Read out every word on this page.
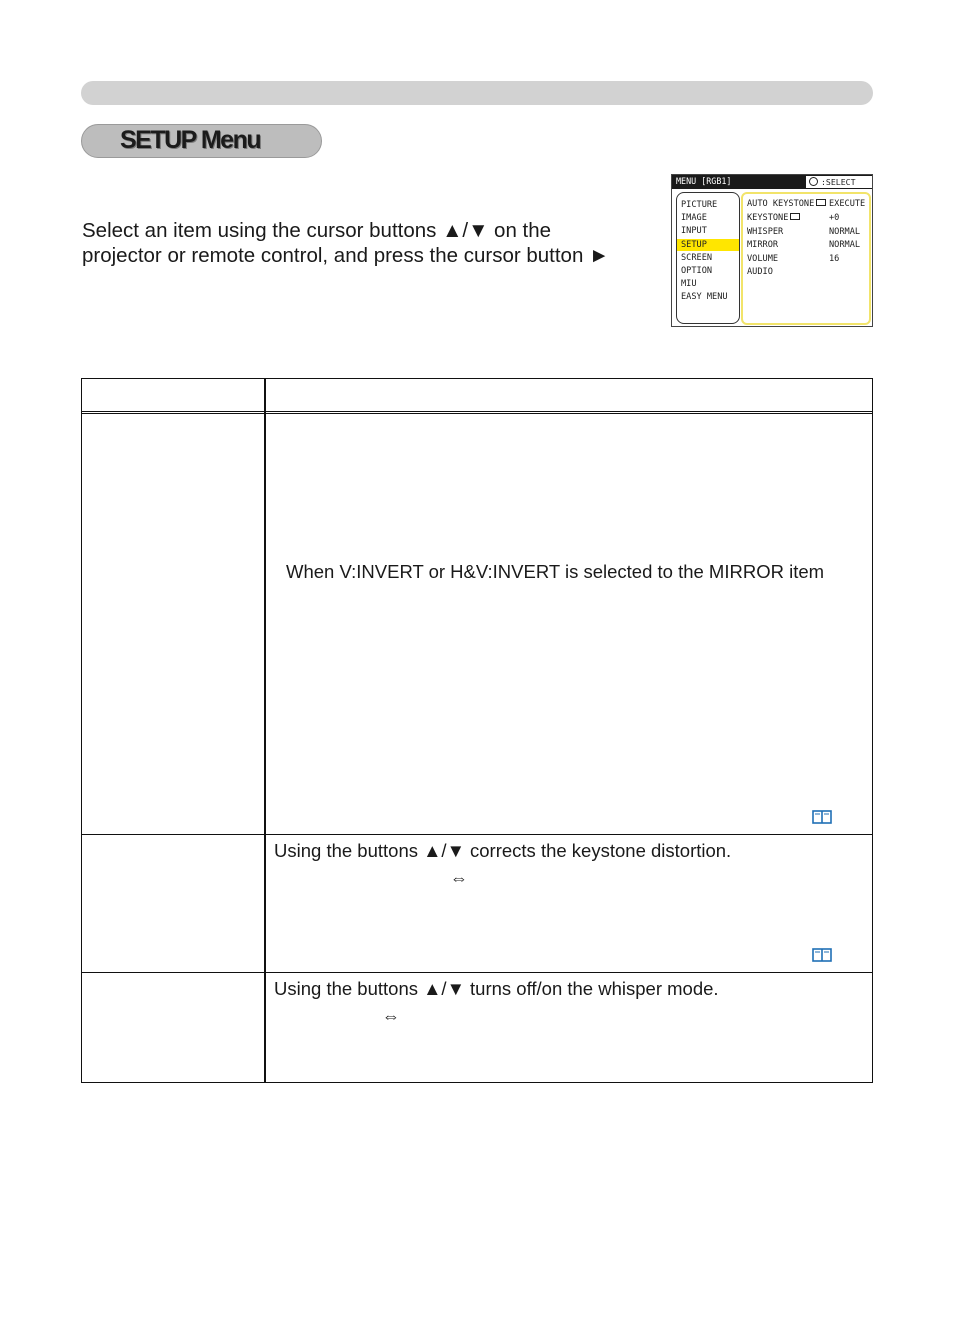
SETUP Menu
Select an item using the cursor buttons ▲/▼ on the
projector or remote control, and press the cursor button ►
MENU [RGB1]	:SELECT
PICTURE
IMAGE
INPUT
SETUP
SCREEN
OPTION
MIU
EASY MENU
AUTO KEYSTONE	EXECUTE
KEYSTONE	+0
WHISPER	NORMAL
MIRROR	NORMAL
VOLUME	16
AUDIO
When V:INVERT or H&V:INVERT is selected to the MIRROR item
Using the buttons ▲/▼ corrects the keystone distortion.
⇔
Using the buttons ▲/▼ turns off/on the whisper mode.
⇔
